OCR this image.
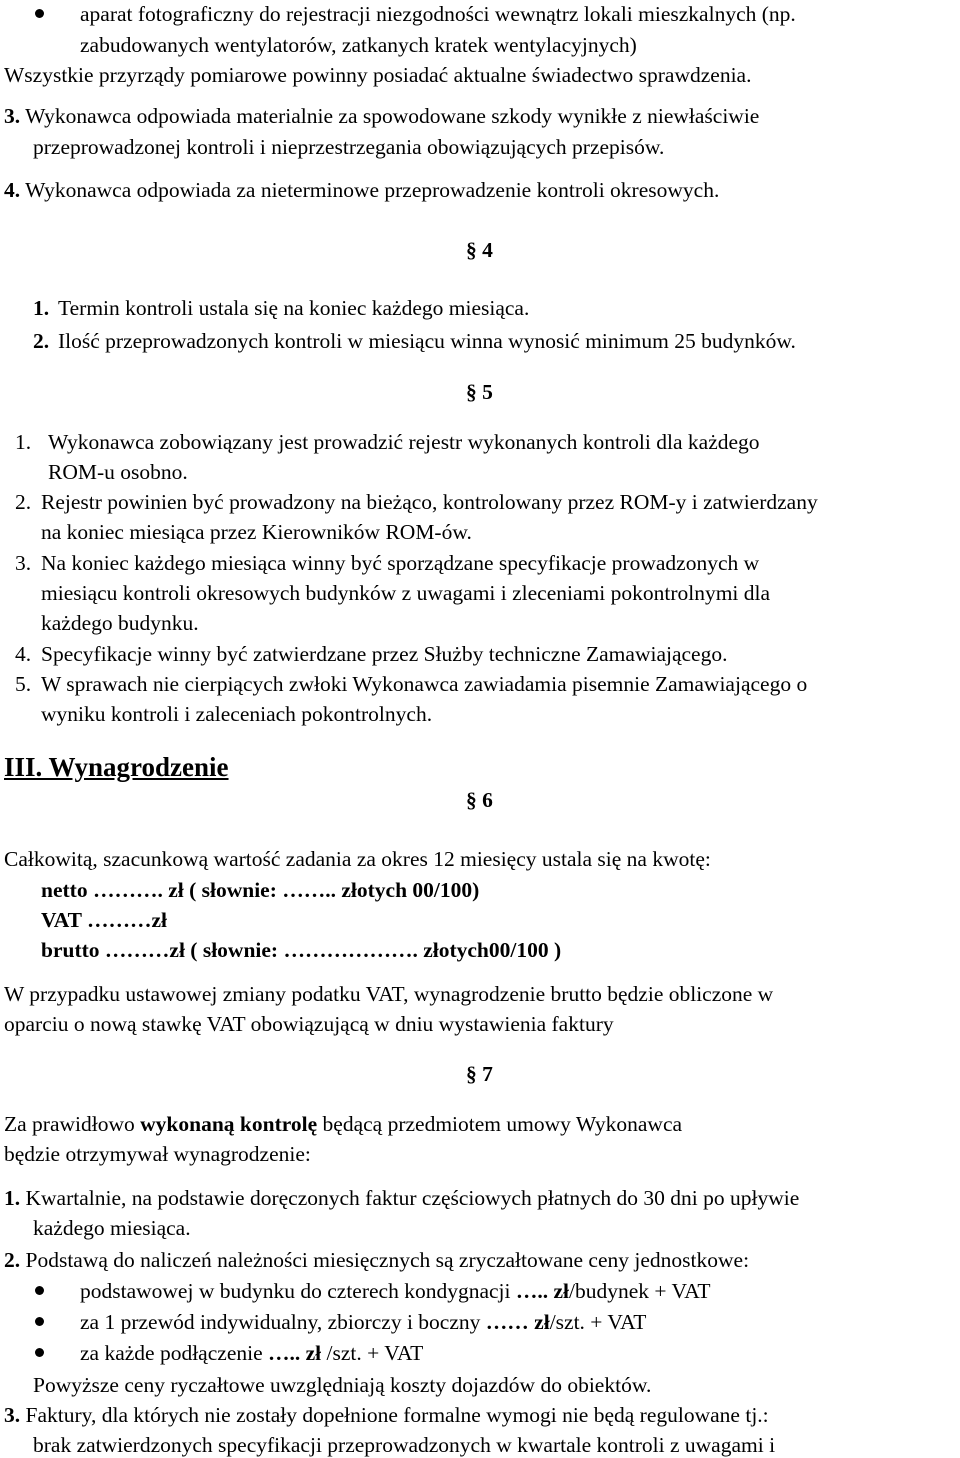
aparat fotograficzny do rejestracji niezgodności wewnątrz lokali mieszkalnych (np.
zabudowanych wentylatorów, zatkanych kratek wentylacyjnych)
Wszystkie przyrządy pomiarowe powinny posiadać aktualne świadectwo sprawdzenia.
3. Wykonawca odpowiada materialnie za spowodowane szkody wynikłe z niewłaściwie
przeprowadzonej kontroli i nieprzestrzegania obowiązujących przepisów.
4. Wykonawca odpowiada za nieterminowe przeprowadzenie kontroli okresowych.
§ 4
1. Termin kontroli ustala się na koniec każdego miesiąca.
2. Ilość przeprowadzonych kontroli w miesiącu winna wynosić minimum 25 budynków.
§ 5
1. Wykonawca zobowiązany jest prowadzić rejestr wykonanych kontroli dla każdego
ROM-u osobno.
2. Rejestr powinien być prowadzony na bieżąco, kontrolowany przez ROM-y i zatwierdzany
na koniec miesiąca przez Kierowników ROM-ów.
3. Na koniec każdego miesiąca winny być sporządzane specyfikacje prowadzonych w
miesiącu kontroli okresowych budynków z uwagami i zleceniami pokontrolnymi dla
każdego budynku.
4. Specyfikacje winny być zatwierdzane przez Służby techniczne Zamawiającego.
5. W sprawach nie cierpiących zwłoki Wykonawca zawiadamia pisemnie Zamawiającego o
wyniku kontroli i zaleceniach pokontrolnych.
III. Wynagrodzenie
§ 6
Całkowitą, szacunkową wartość zadania za okres 12 miesięcy ustala się na kwotę:
netto ………. zł ( słownie: …….. złotych 00/100)
VAT ………zł
brutto ………zł ( słownie: ………………. złotych00/100 )
W przypadku ustawowej zmiany podatku VAT, wynagrodzenie brutto będzie obliczone w
oparciu o nową stawkę VAT obowiązującą w dniu wystawienia faktury
§ 7
Za prawidłowo wykonaną kontrolę będącą przedmiotem umowy Wykonawca
będzie otrzymywał wynagrodzenie:
1. Kwartalnie, na podstawie doręczonych faktur częściowych płatnych do 30 dni po upływie
każdego miesiąca.
2. Podstawą do naliczeń należności miesięcznych są zryczałtowane ceny jednostkowe:
podstawowej w budynku do czterech kondygnacji ….. zł/budynek + VAT
za 1 przewód indywidualny, zbiorczy i boczny …… zł/szt. + VAT
za każde podłączenie ….. zł /szt. + VAT
Powyższe ceny ryczałtowe uwzględniają koszty dojazdów do obiektów.
3. Faktury, dla których nie zostały dopełnione formalne wymogi nie będą regulowane tj.:
brak zatwierdzonych specyfikacji przeprowadzonych w kwartale kontroli z uwagami i
